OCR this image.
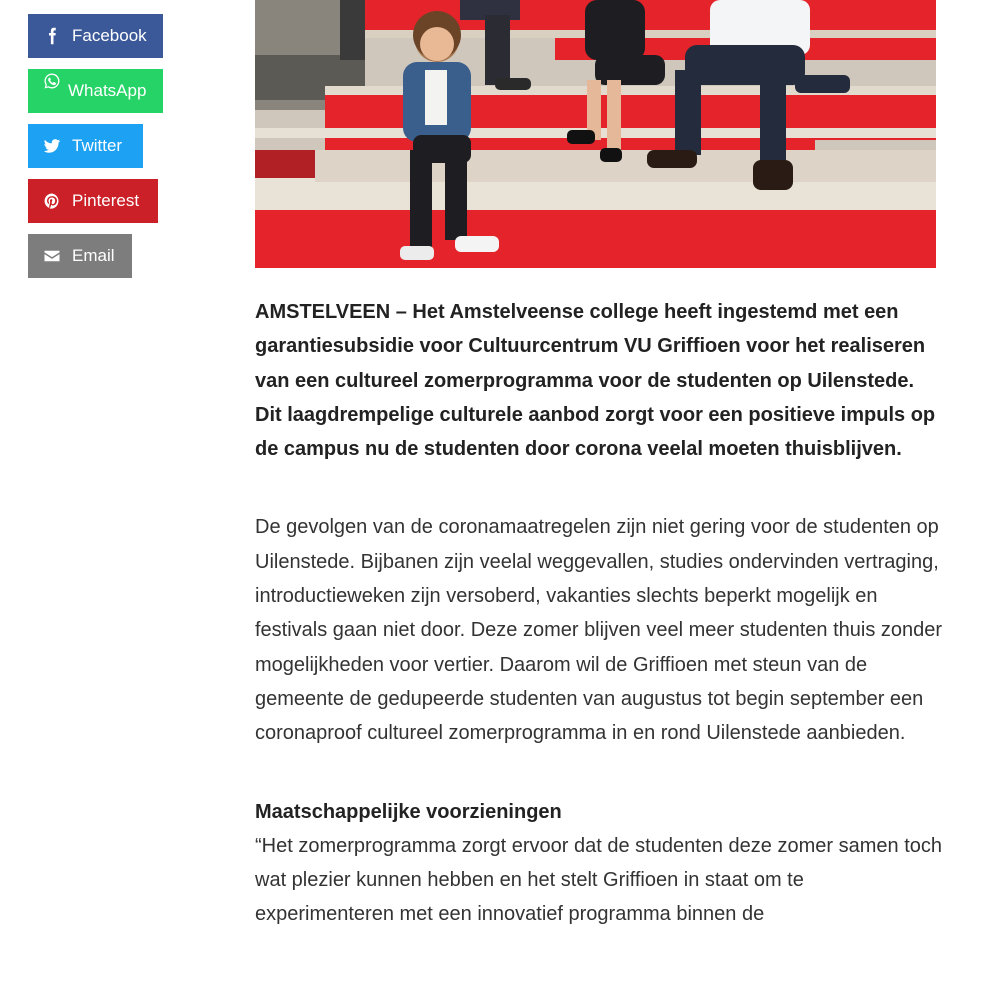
Facebook
WhatsApp
Twitter
Pinterest
Email

AMSTELVEEN – Het Amstelveense college heeft ingestemd met een garantiesubsidie voor Cultuurcentrum VU Griffioen voor het realiseren van een cultureel zomerprogramma voor de studenten op Uilenstede. Dit laagdrempelige culturele aanbod zorgt voor een positieve impuls op de campus nu de studenten door corona veelal moeten thuisblijven.

De gevolgen van de coronamaatregelen zijn niet gering voor de studenten op Uilenstede. Bijbanen zijn veelal weggevallen, studies ondervinden vertraging, introductieweken zijn versoberd, vakanties slechts beperkt mogelijk en festivals gaan niet door. Deze zomer blijven veel meer studenten thuis zonder mogelijkheden voor vertier. Daarom wil de Griffioen met steun van de gemeente de gedupeerde studenten van augustus tot begin september een coronaproof cultureel zomerprogramma in en rond Uilenstede aanbieden.

Maatschappelijke voorzieningen

“Het zomerprogramma zorgt ervoor dat de studenten deze zomer samen toch wat plezier kunnen hebben en het stelt Griffioen in staat om te experimenteren met een innovatief programma binnen de
